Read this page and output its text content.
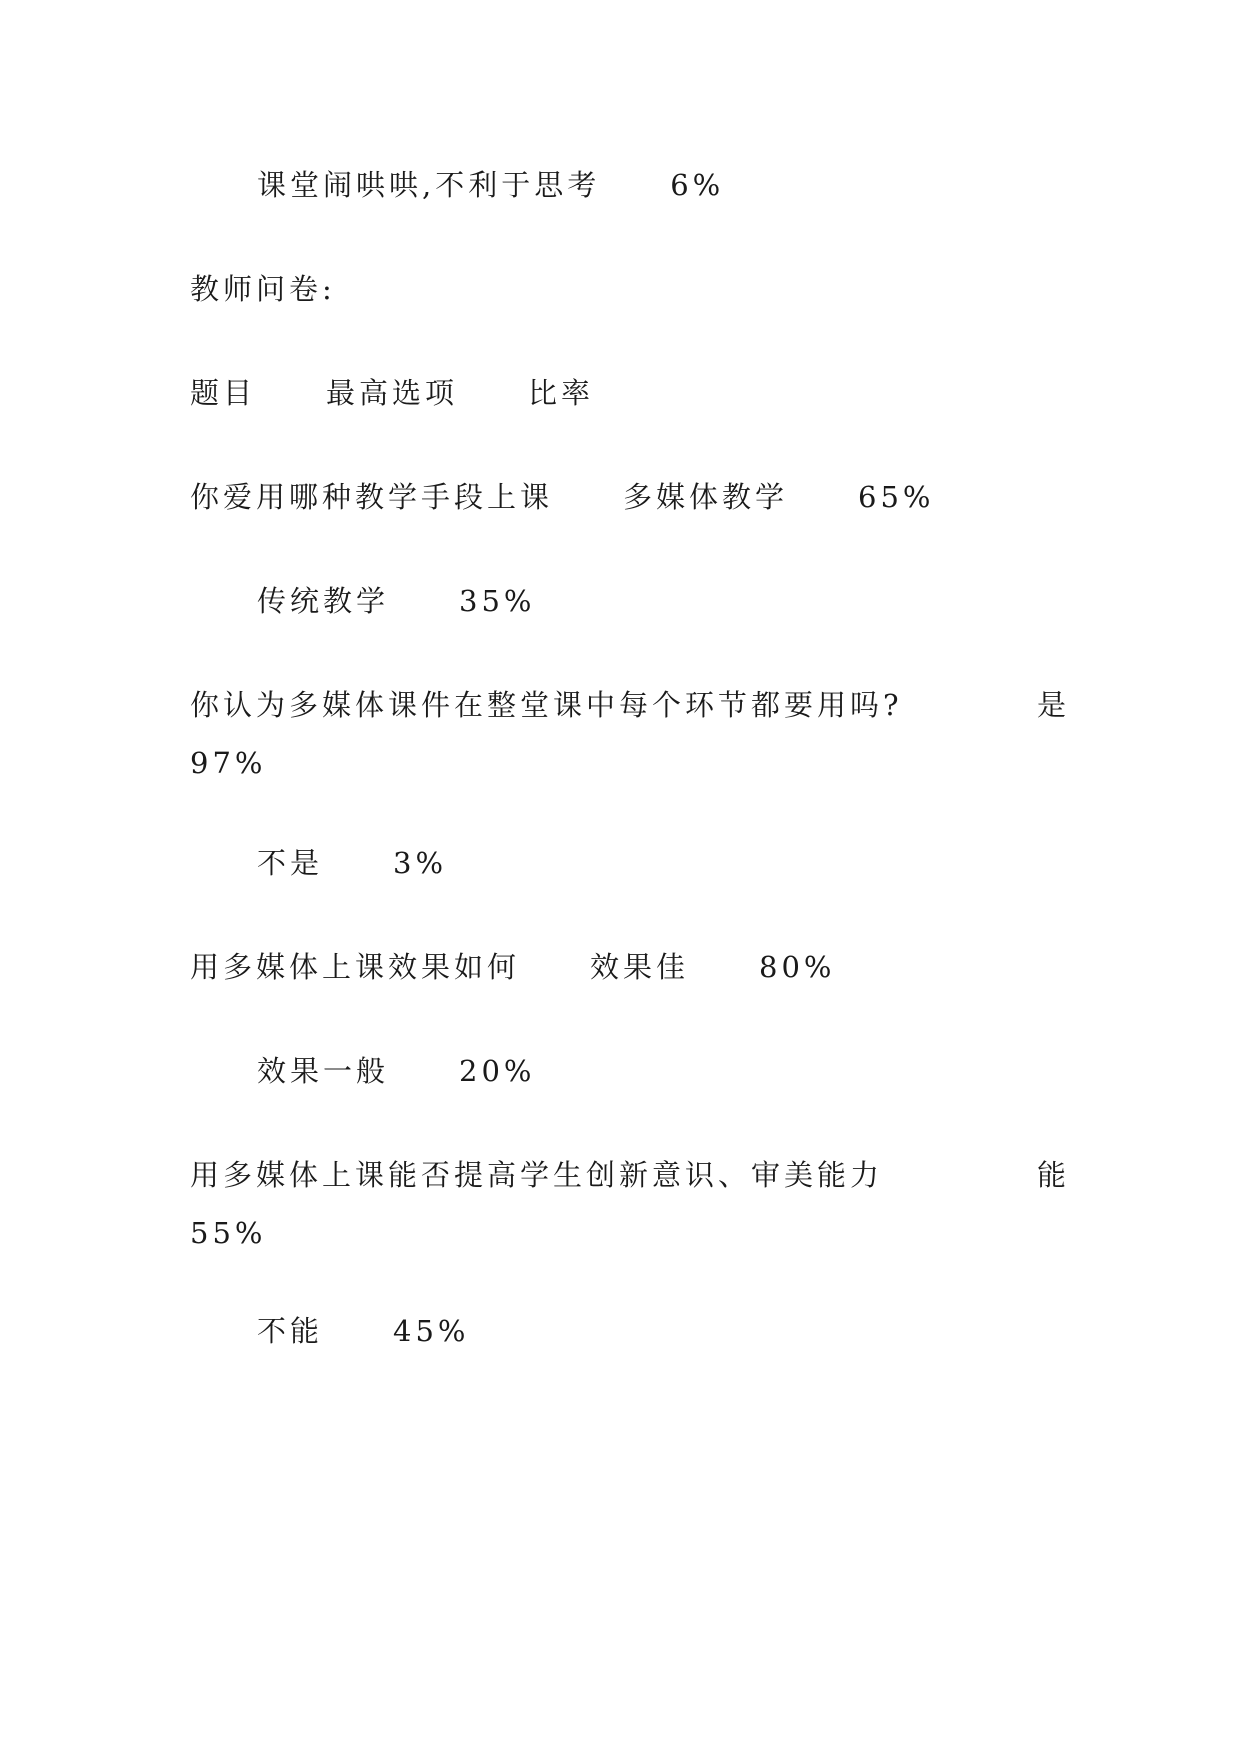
课堂闹哄哄,不利于思考 6%
教师问卷:
题目 最高选项 比率
你爱用哪种教学手段上课 多媒体教学 65%
传统教学 35%
你认为多媒体课件在整堂课中每个环节都要用吗?	是
97%
不是 3%
用多媒体上课效果如何 效果佳 80%
效果一般 20%
用多媒体上课能否提高学生创新意识、审美能力	能
55%
不能 45%
